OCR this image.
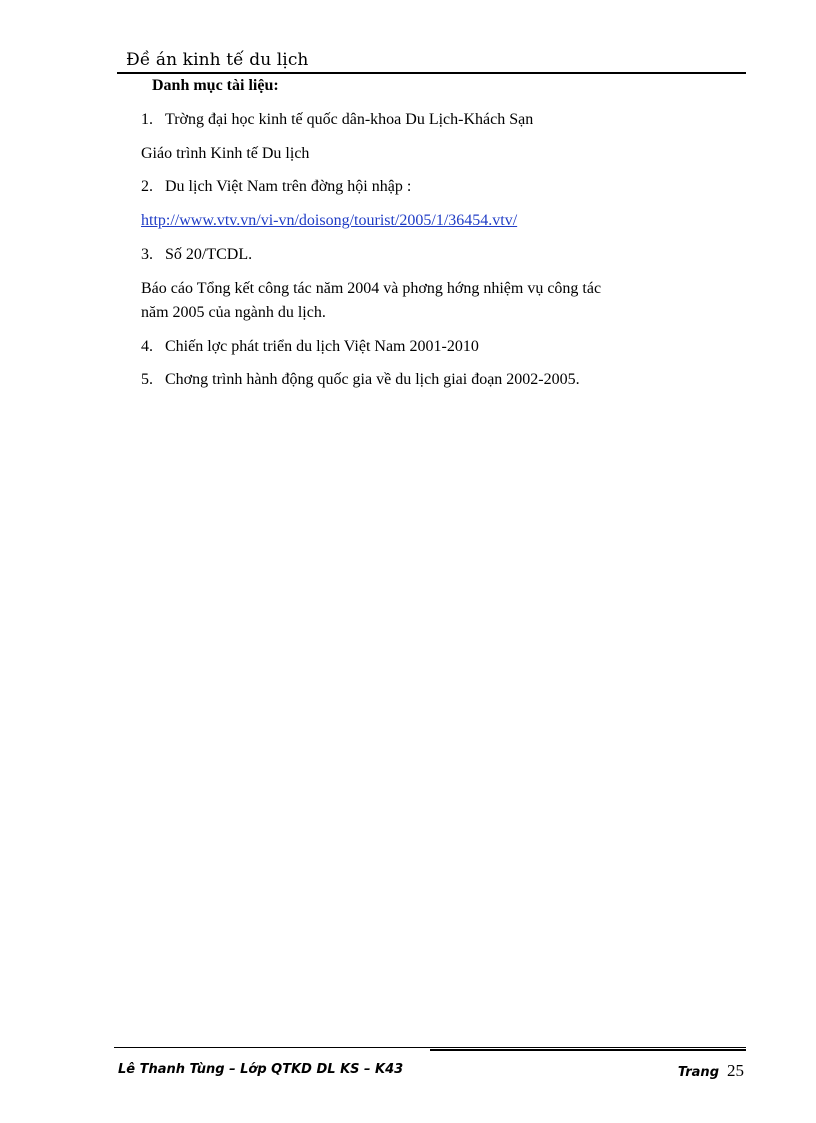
Đề án kinh tế du lịch
Danh mục tài liệu:
1. Trờng đại học kinh tế quốc dân-khoa Du Lịch-Khách Sạn
Giáo trình Kinh tế Du lịch
2. Du lịch Việt Nam trên đờng hội nhập :
http://www.vtv.vn/vi-vn/doisong/tourist/2005/1/36454.vtv/
3. Số 20/TCDL.
Báo cáo Tổng kết công tác năm 2004 và phơng hớng nhiệm vụ công tác
năm 2005 của ngành du lịch.
4. Chiến lợc phát triển du lịch Việt Nam 2001-2010
5. Chơng trình hành động quốc gia về du lịch giai đoạn 2002-2005.
Lê Thanh Tùng – Lớp QTKD DL KS – K43	Trang 25
